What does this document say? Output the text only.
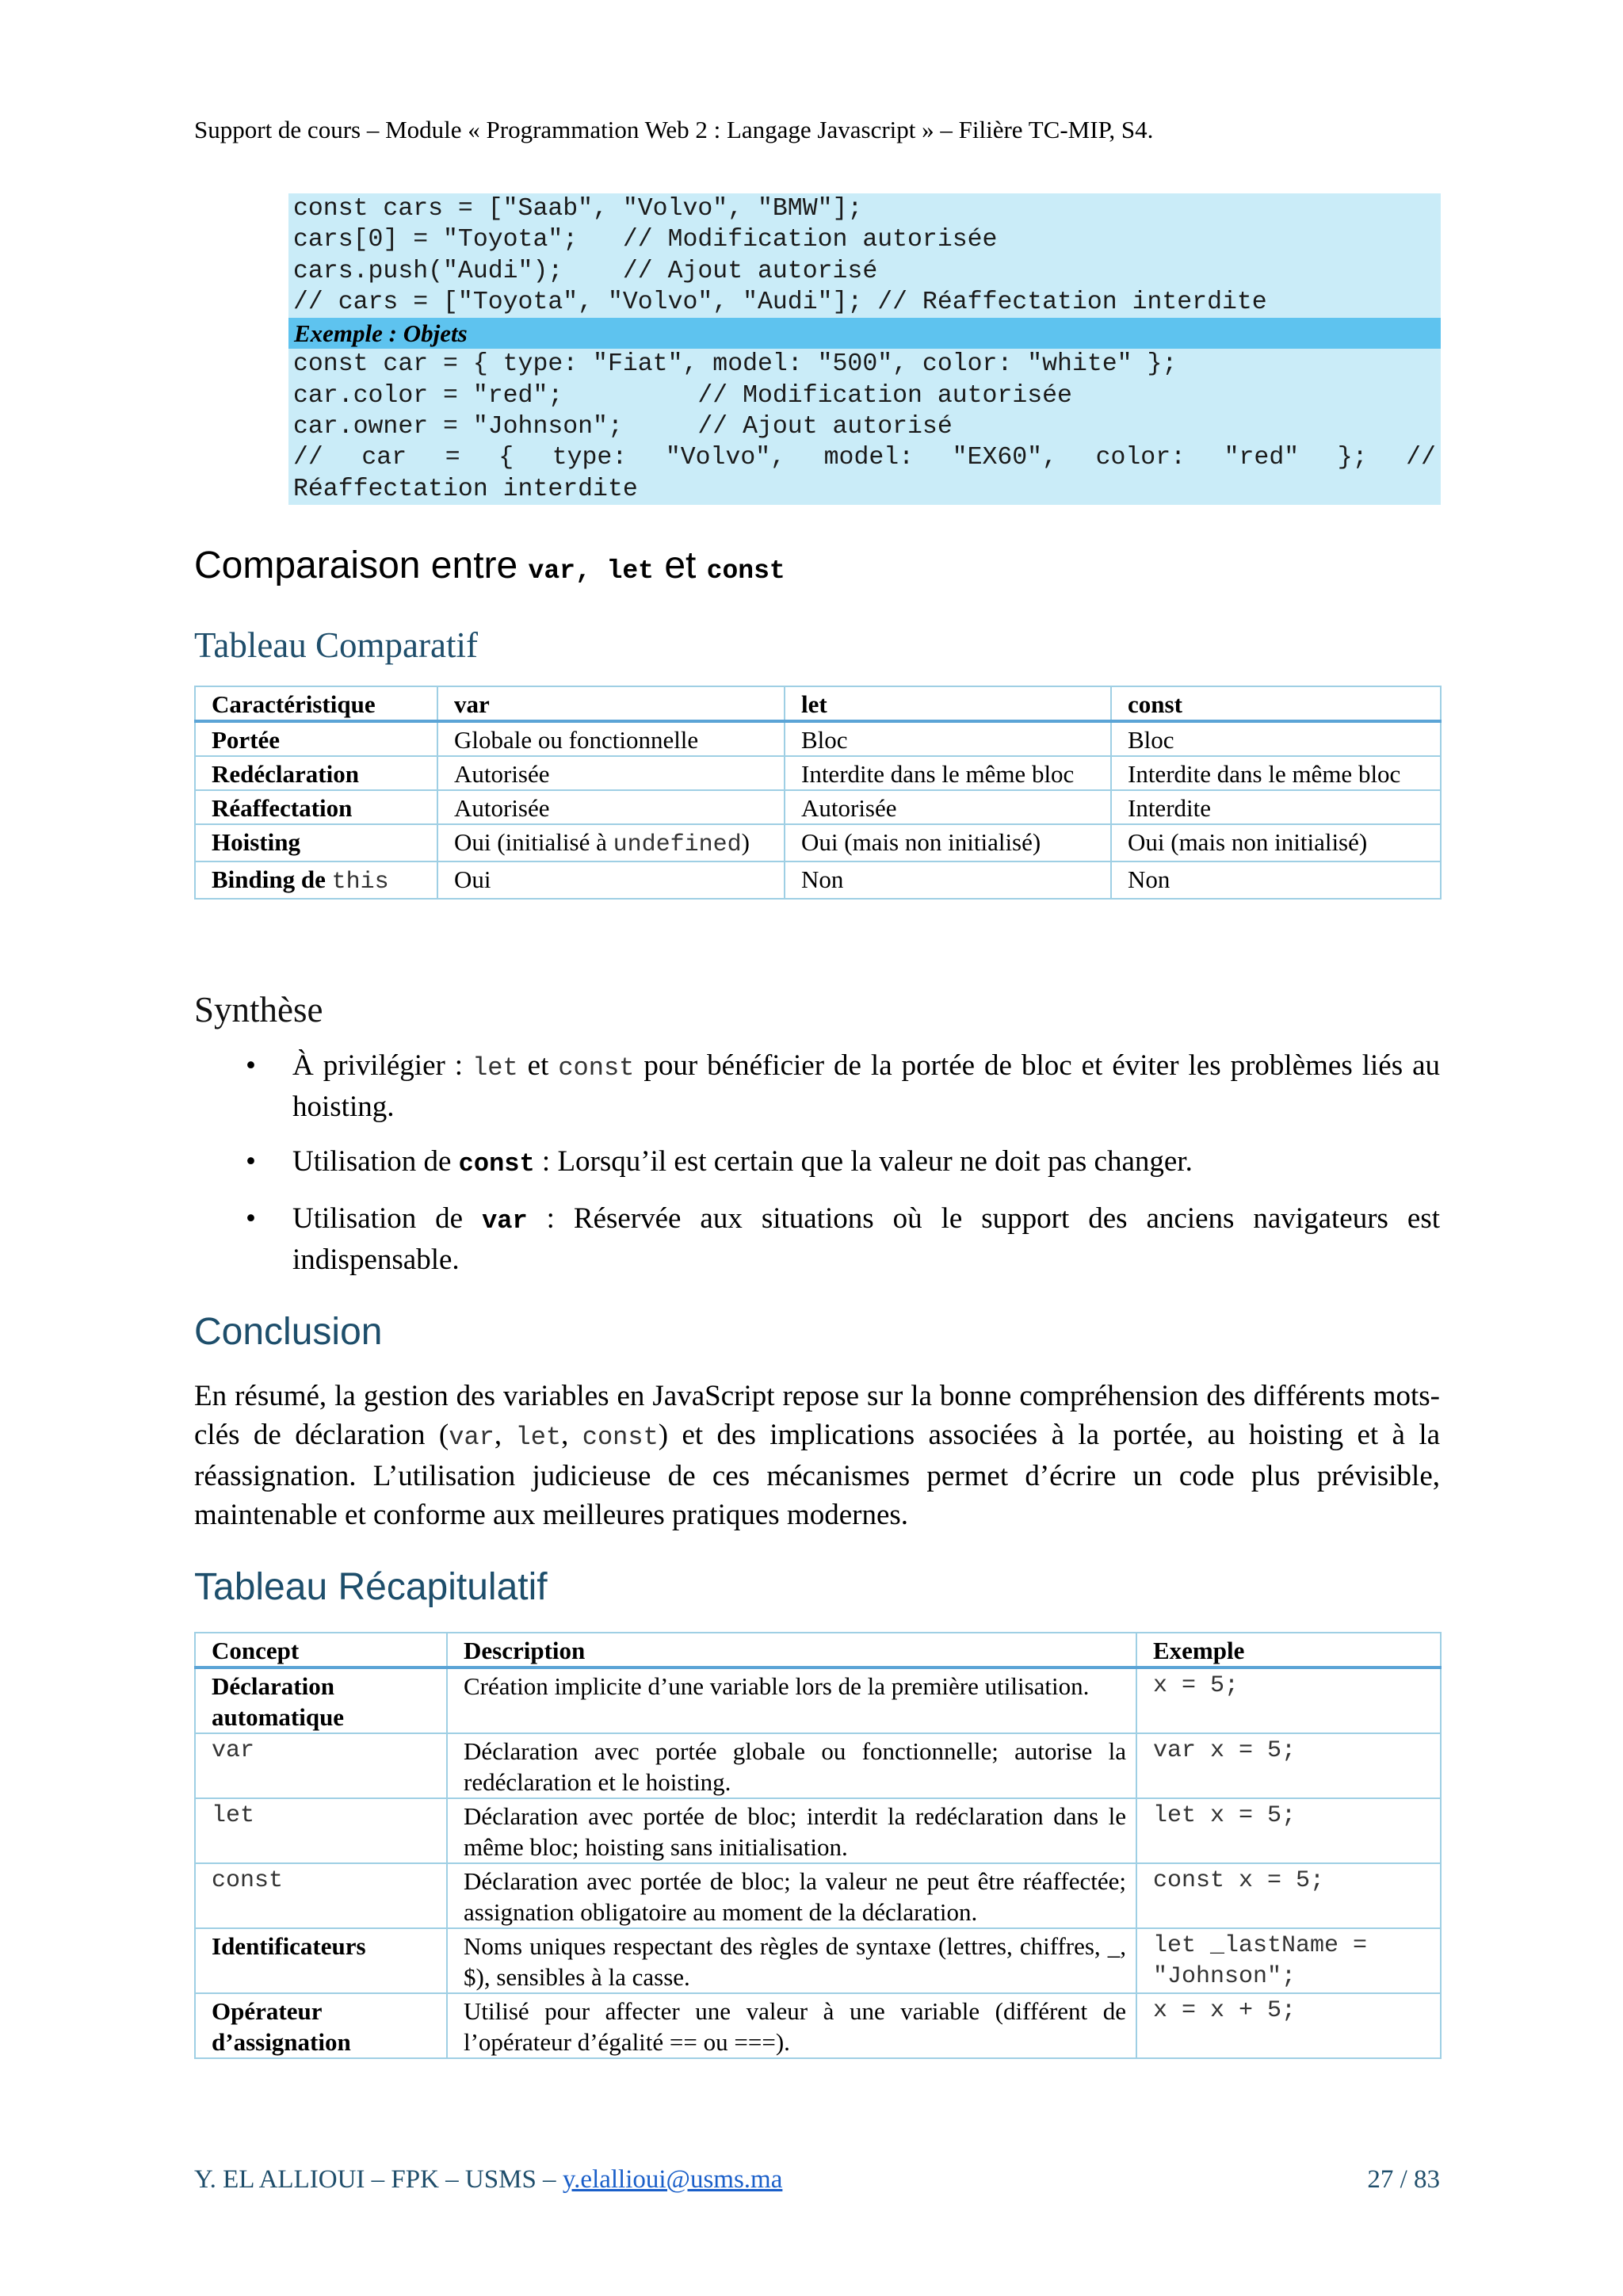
Support de cours – Module « Programmation Web 2 : Langage Javascript » – Filière TC-MIP, S4.
const cars = ["Saab", "Volvo", "BMW"];
cars[0] = "Toyota";   // Modification autorisée
cars.push("Audi");    // Ajout autorisé
// cars = ["Toyota", "Volvo", "Audi"]; // Réaffectation interdite
Exemple : Objets
const car = { type: "Fiat", model: "500", color: "white" };
car.color = "red";         // Modification autorisée
car.owner = "Johnson";     // Ajout autorisé
// car = { type: "Volvo", model: "EX60", color: "red" }; //
Réaffectation interdite
Comparaison entre var, let et const
Tableau Comparatif
Caractéristique	var	let	const
Portée	Globale ou fonctionnelle	Bloc	Bloc
Redéclaration	Autorisée	Interdite dans le même bloc	Interdite dans le même bloc
Réaffectation	Autorisée	Autorisée	Interdite
Hoisting	Oui (initialisé à undefined)	Oui (mais non initialisé)	Oui (mais non initialisé)
Binding de this	Oui	Non	Non
Synthèse
• À privilégier : let et const pour bénéficier de la portée de bloc et éviter les problèmes liés au hoisting.
• Utilisation de const : Lorsqu’il est certain que la valeur ne doit pas changer.
• Utilisation de var : Réservée aux situations où le support des anciens navigateurs est indispensable.
Conclusion
En résumé, la gestion des variables en JavaScript repose sur la bonne compréhension des différents mots-clés de déclaration (var, let, const) et des implications associées à la portée, au hoisting et à la réassignation. L’utilisation judicieuse de ces mécanismes permet d’écrire un code plus prévisible, maintenable et conforme aux meilleures pratiques modernes.
Tableau Récapitulatif
Concept	Description	Exemple
Déclaration automatique	Création implicite d’une variable lors de la première utilisation.	x = 5;
var	Déclaration avec portée globale ou fonctionnelle; autorise la redéclaration et le hoisting.	var x = 5;
let	Déclaration avec portée de bloc; interdit la redéclaration dans le même bloc; hoisting sans initialisation.	let x = 5;
const	Déclaration avec portée de bloc; la valeur ne peut être réaffectée; assignation obligatoire au moment de la déclaration.	const x = 5;
Identificateurs	Noms uniques respectant des règles de syntaxe (lettres, chiffres, _, $), sensibles à la casse.	let _lastName = "Johnson";
Opérateur d’assignation	Utilisé pour affecter une valeur à une variable (différent de l’opérateur d’égalité == ou ===).	x = x + 5;
Y. EL ALLIOUI – FPK – USMS – y.elallioui@usms.ma	27 / 83
